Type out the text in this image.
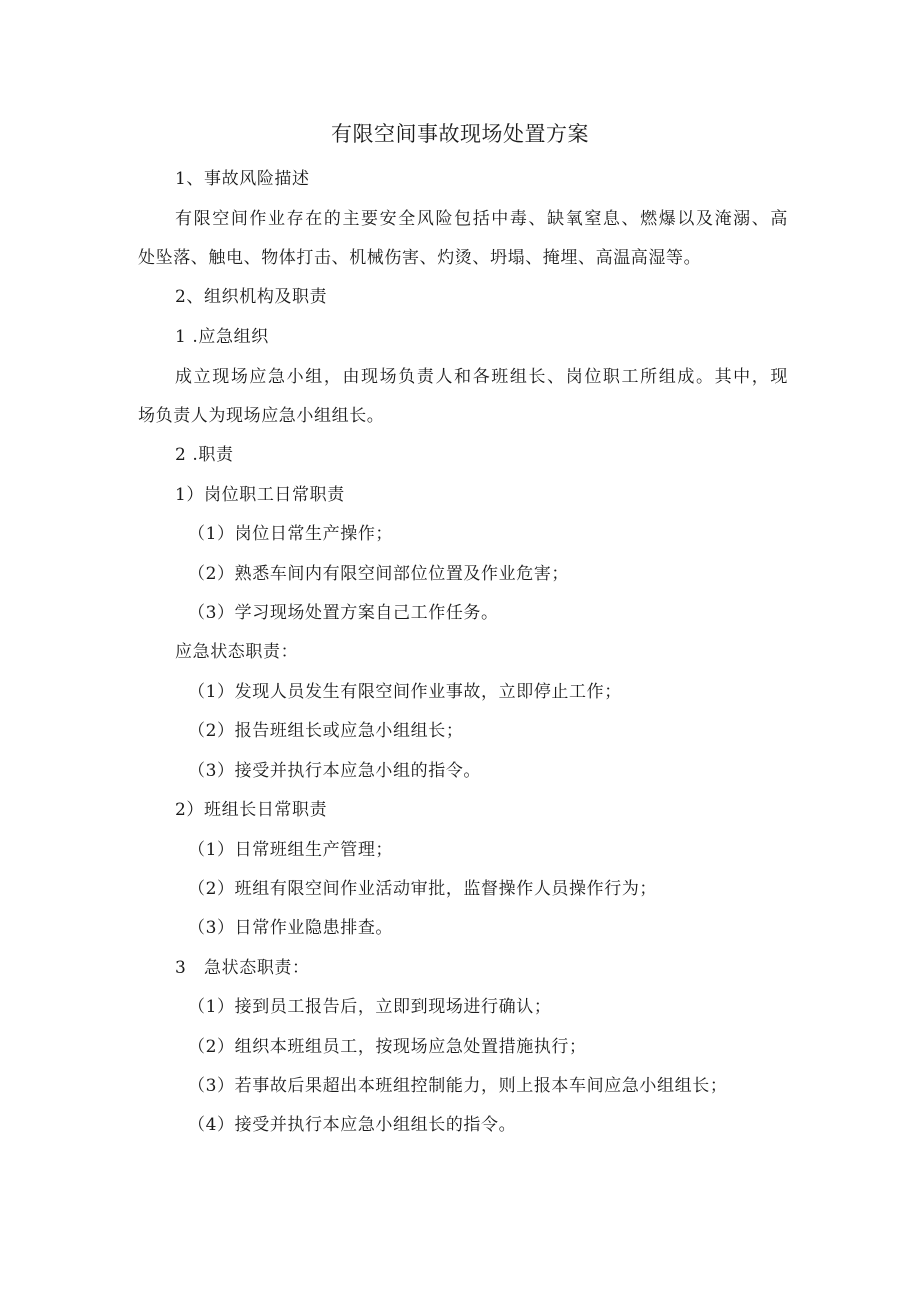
有限空间事故现场处置方案
1、事故风险描述
有限空间作业存在的主要安全风险包括中毒、缺氧窒息、燃爆以及淹溺、高
处坠落、触电、物体打击、机械伤害、灼烫、坍塌、掩埋、高温高湿等。
2、组织机构及职责
1 .应急组织
成立现场应急小组，由现场负责人和各班组长、岗位职工所组成。其中，现
场负责人为现场应急小组组长。
2 .职责
1）岗位职工日常职责
（1）岗位日常生产操作；
（2）熟悉车间内有限空间部位位置及作业危害；
（3）学习现场处置方案自己工作任务。
应急状态职责：
（1）发现人员发生有限空间作业事故，立即停止工作；
（2）报告班组长或应急小组组长；
（3）接受并执行本应急小组的指令。
2）班组长日常职责
（1）日常班组生产管理；
（2）班组有限空间作业活动审批，监督操作人员操作行为；
（3）日常作业隐患排查。
3　急状态职责：
（1）接到员工报告后，立即到现场进行确认；
（2）组织本班组员工，按现场应急处置措施执行；
（3）若事故后果超出本班组控制能力，则上报本车间应急小组组长；
（4）接受并执行本应急小组组长的指令。
